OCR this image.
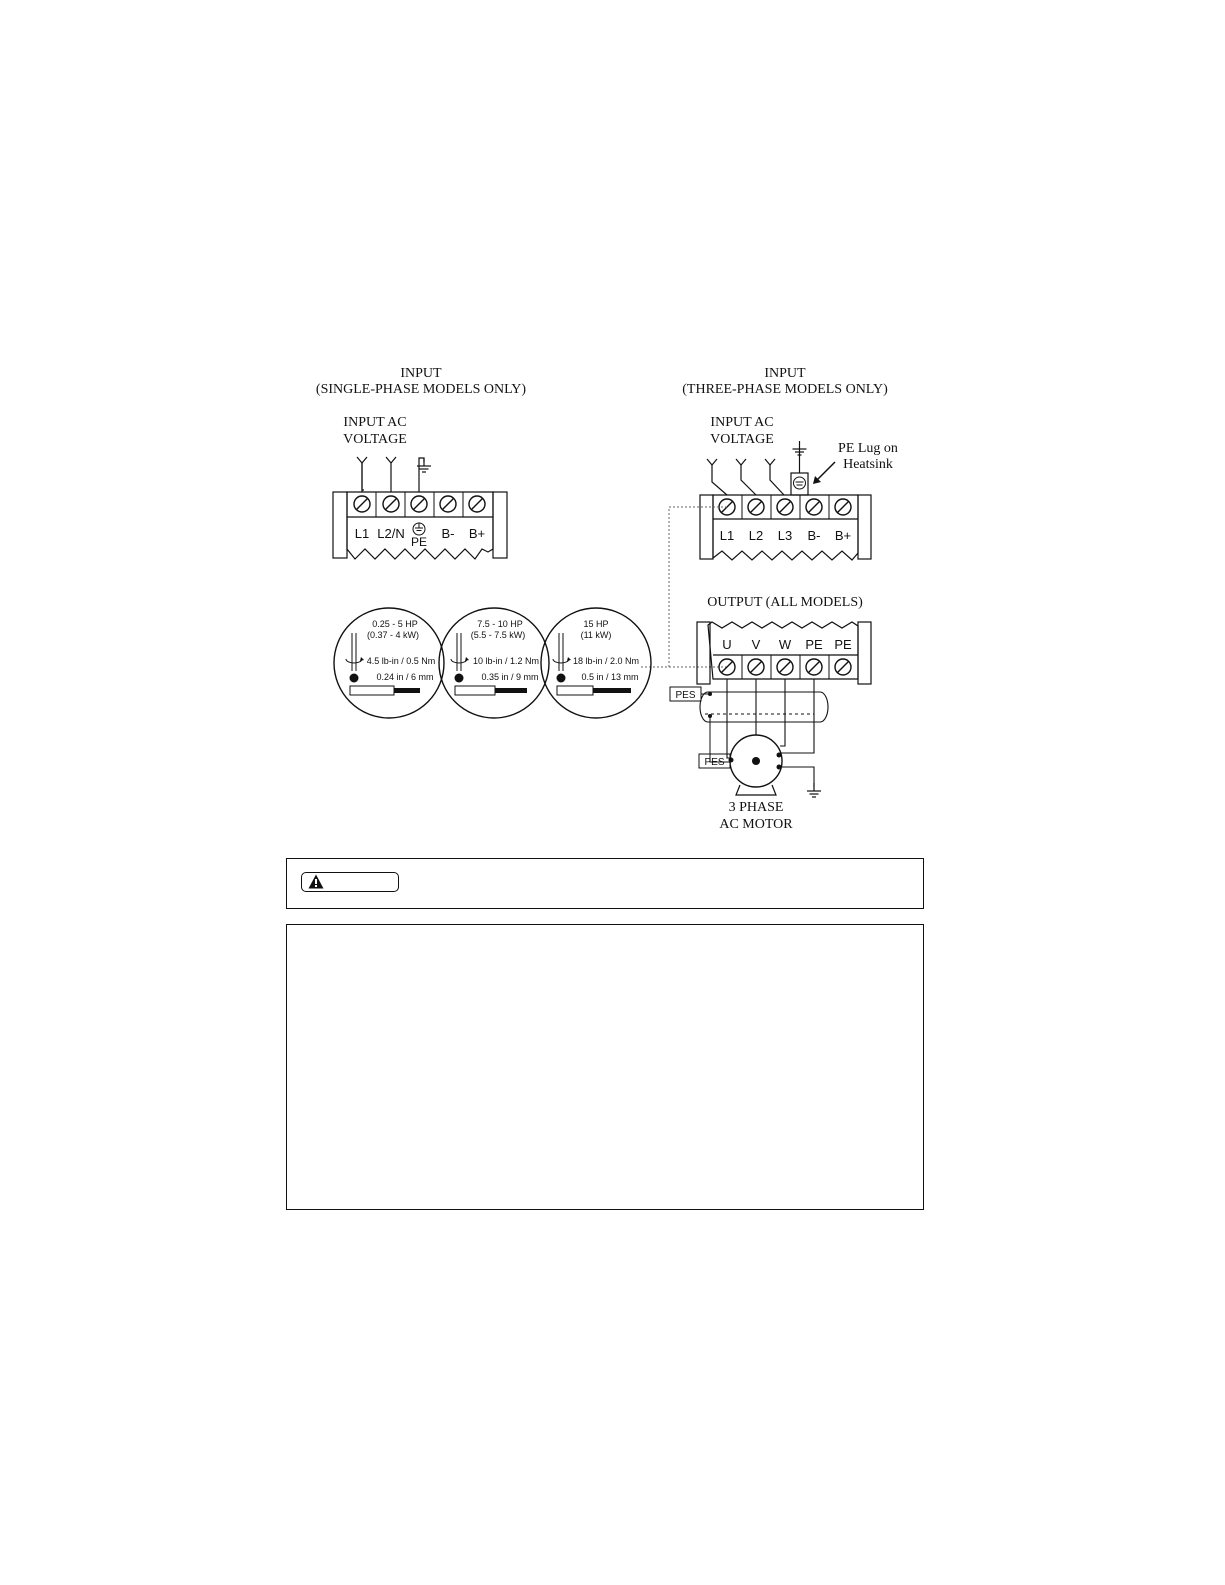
INPUT
(SINGLE-PHASE MODELS ONLY)
INPUT AC
VOLTAGE
L1 L2/N
PE
B- B+
INPUT
(THREE-PHASE MODELS ONLY)
INPUT AC
VOLTAGE
PE Lug on
Heatsink
L1 L2 L3 B- B+
0.25 - 5 HP
(0.37 - 4 kW)
4.5 lb-in / 0.5 Nm
0.24 in / 6 mm
7.5 - 10 HP
(5.5 - 7.5 kW)
10 lb-in / 1.2 Nm
0.35 in / 9 mm
15 HP
(11 kW)
18 lb-in / 2.0 Nm
0.5 in / 13 mm
OUTPUT (ALL MODELS)
U V W PE PE
PES
PES
3 PHASE
AC MOTOR
